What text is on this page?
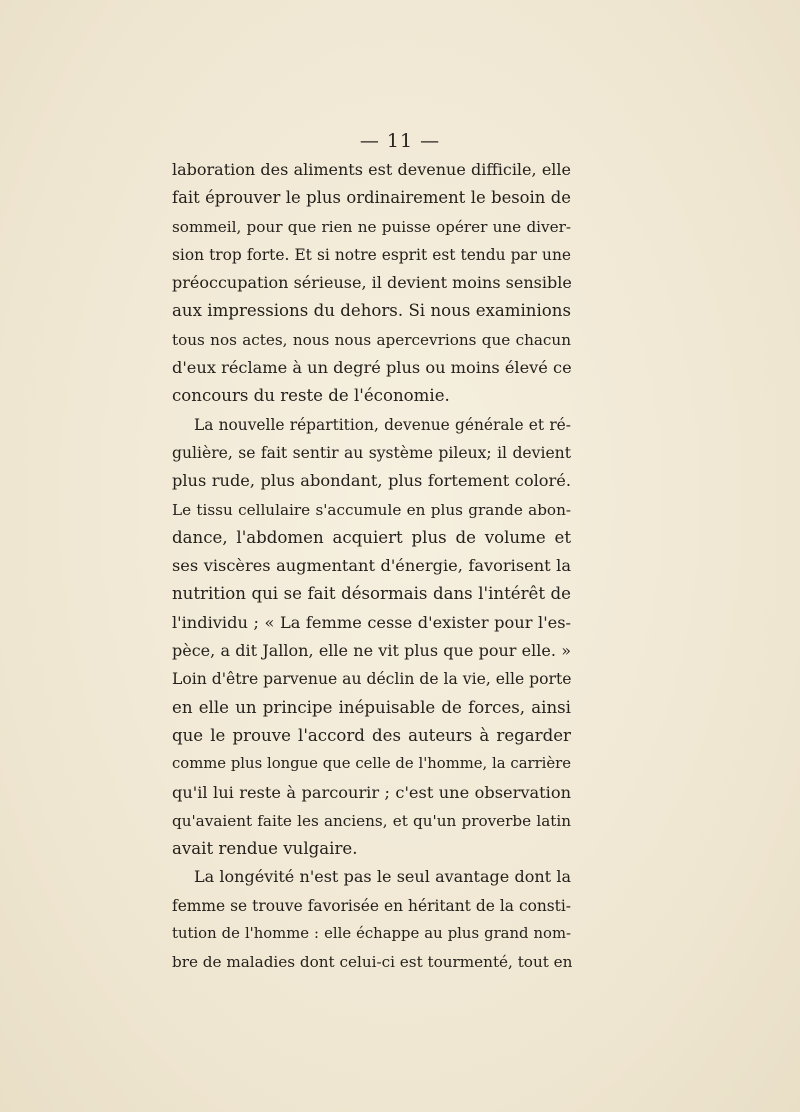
— 11 —
laboration des aliments est devenue difficile, elle
fait éprouver le plus ordinairement le besoin de
sommeil, pour que rien ne puisse opérer une diver-
sion trop forte. Et si notre esprit est tendu par une
préoccupation sérieuse, il devient moins sensible
aux impressions du dehors. Si nous examinions
tous nos actes, nous nous apercevrions que chacun
d'eux réclame à un degré plus ou moins élevé ce
concours du reste de l'économie.
La nouvelle répartition, devenue générale et ré-
gulière, se fait sentir au système pileux; il devient
plus rude, plus abondant, plus fortement coloré.
Le tissu cellulaire s'accumule en plus grande abon-
dance, l'abdomen acquiert plus de volume et
ses viscères augmentant d'énergie, favorisent la
nutrition qui se fait désormais dans l'intérêt de
l'individu ; « La femme cesse d'exister pour l'es-
pèce, a dit Jallon, elle ne vit plus que pour elle. »
Loin d'être parvenue au déclin de la vie, elle porte
en elle un principe inépuisable de forces, ainsi
que le prouve l'accord des auteurs à regarder
comme plus longue que celle de l'homme, la carrière
qu'il lui reste à parcourir ; c'est une observation
qu'avaient faite les anciens, et qu'un proverbe latin
avait rendue vulgaire.
La longévité n'est pas le seul avantage dont la
femme se trouve favorisée en héritant de la consti-
tution de l'homme : elle échappe au plus grand nom-
bre de maladies dont celui-ci est tourmenté, tout en
